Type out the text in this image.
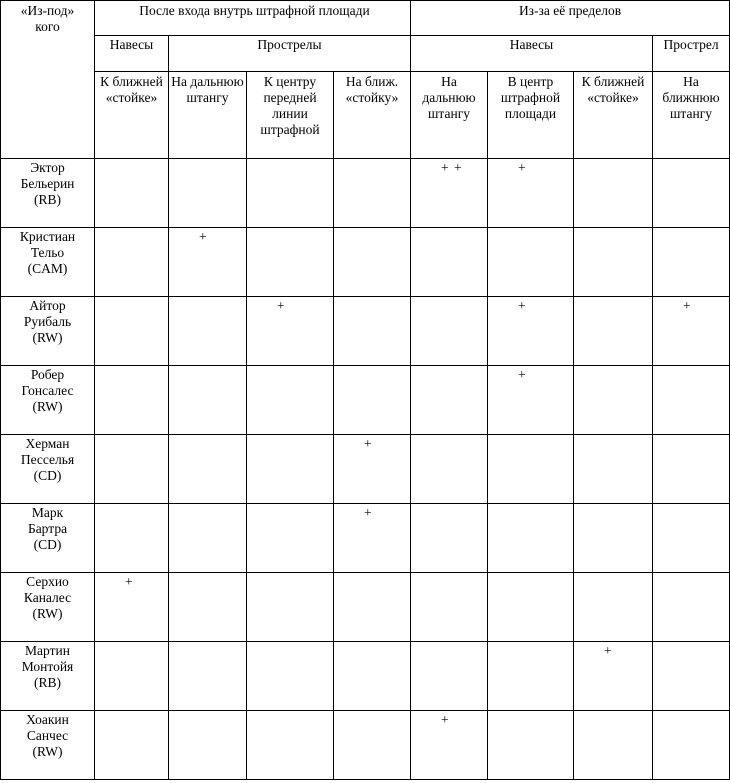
«Из-под»
кого	После входа внутрь штрафной площади				Из-за её пределов			
	Навесы	Прострелы			Навесы			Прострел
	К ближней «стойке»	На дальнюю штангу	К центру передней линии штрафной	На ближ. «стойку»	На дальнюю штангу	В центр штрафной площади	К ближней «стойке»	На ближнюю штангу
Эктор
Бельерин
(RB)					+ +	+		

Кристиан
Тельо
(CAM)		+						

Айтор
Руибаль
(RW)			+			+		+

Робер
Гонсалес
(RW)						+		

Херман
Песселья
(CD)				+				

Марк
Бартра
(CD)				+				

Серхио
Каналес
(RW)	+							

Мартин
Монтойя
(RB)							+	

Хоакин
Санчес
(RW)					+			
